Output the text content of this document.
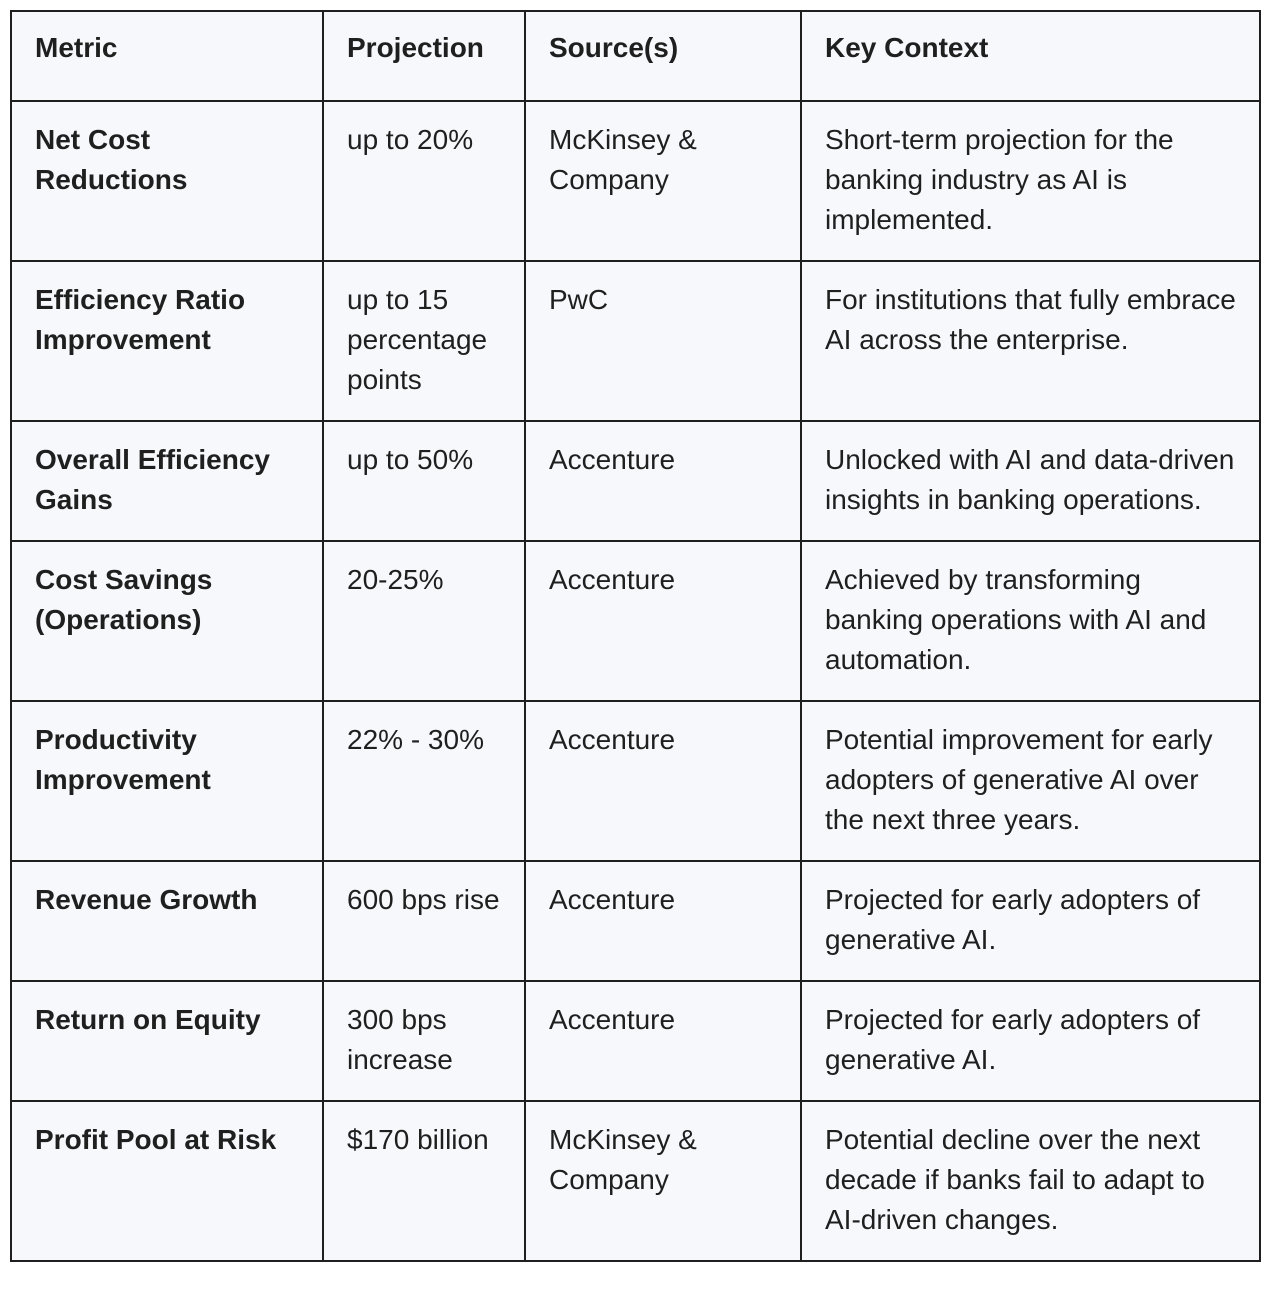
Metric	Projection	Source(s)	Key Context
Net Cost Reductions	up to 20%	McKinsey & Company	Short-term projection for the banking industry as AI is implemented.
Efficiency Ratio Improvement	up to 15 percentage points	PwC	For institutions that fully embrace AI across the enterprise.
Overall Efficiency Gains	up to 50%	Accenture	Unlocked with AI and data-driven insights in banking operations.
Cost Savings (Operations)	20-25%	Accenture	Achieved by transforming banking operations with AI and automation.
Productivity Improvement	22% - 30%	Accenture	Potential improvement for early adopters of generative AI over the next three years.
Revenue Growth	600 bps rise	Accenture	Projected for early adopters of generative AI.
Return on Equity	300 bps increase	Accenture	Projected for early adopters of generative AI.
Profit Pool at Risk	$170 billion	McKinsey & Company	Potential decline over the next decade if banks fail to adapt to AI-driven changes.
